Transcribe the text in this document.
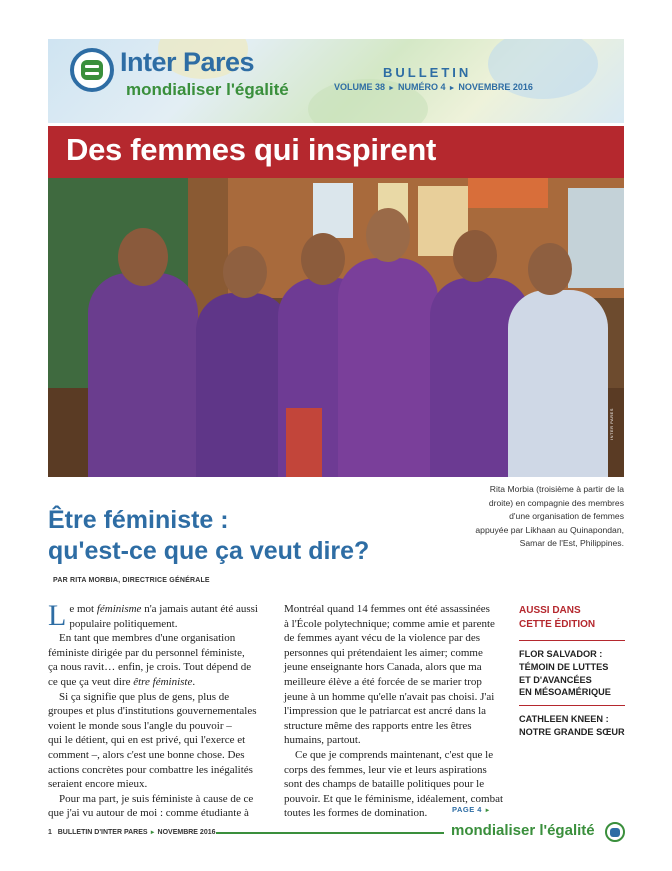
Inter Pares
mondialiser l'égalité
BULLETIN
VOLUME 38 ► NUMÉRO 4 ► NOVEMBRE 2016
Des femmes qui inspirent
INTER PARES
Rita Morbia (troisième à partir de la
droite) en compagnie des membres
d'une organisation de femmes
appuyée par Likhaan au Quinapondan,
Samar de l'Est, Philippines.
Être féministe :
qu'est-ce que ça veut dire?
PAR RITA MORBIA, DIRECTRICE GÉNÉRALE
L e mot féminisme n'a jamais autant été aussi

populaire politiquement.

En tant que membres d'une organisation

féministe dirigée par du personnel féministe,

ça nous ravit… enfin, je crois. Tout dépend de

ce que ça veut dire être féministe.

Si ça signifie que plus de gens, plus de

groupes et plus d'institutions gouvernementales

voient le monde sous l'angle du pouvoir –

qui le détient, qui en est privé, qui l'exerce et

comment –, alors c'est une bonne chose. Des

actions concrètes pour combattre les inégalités

seraient encore mieux.

Pour ma part, je suis féministe à cause de ce

que j'ai vu autour de moi : comme étudiante à

Montréal quand 14 femmes ont été assassinées

à l'École polytechnique; comme amie et parente

de femmes ayant vécu de la violence par des

personnes qui prétendaient les aimer; comme

jeune enseignante hors Canada, alors que ma

meilleure élève a été forcée de se marier trop

jeune à un homme qu'elle n'avait pas choisi. J'ai

l'impression que le patriarcat est ancré dans la

structure même des rapports entre les êtres

humains, partout.

Ce que je comprends maintenant, c'est que le

corps des femmes, leur vie et leurs aspirations

sont des champs de bataille politiques pour le

pouvoir. Et que le féminisme, idéalement, combat

toutes les formes de domination.	PAGE 4 ►
AUSSI DANS
CETTE ÉDITION
FLOR SALVADOR :
TÉMOIN DE LUTTES
ET D'AVANCÉES
EN MÉSOAMÉRIQUE
CATHLEEN KNEEN :
NOTRE GRANDE SŒUR
1 BULLETIN D'INTER PARES ► NOVEMBRE 2016	mondialiser l'égalité
